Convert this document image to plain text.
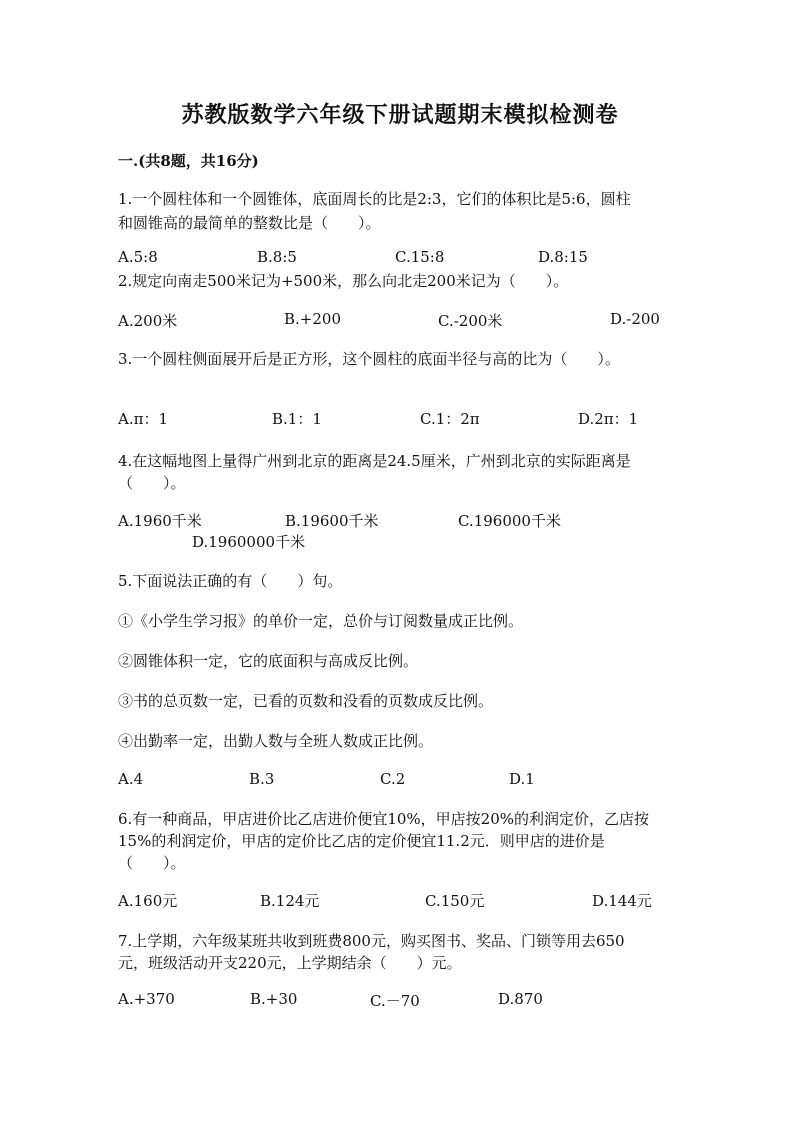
苏教版数学六年级下册试题期末模拟检测卷
一.(共8题，共16分)
1.一个圆柱体和一个圆锥体，底面周长的比是2:3，它们的体积比是5:6，圆柱
和圆锥高的最简单的整数比是（　　）。
A.5:8	B.8:5	C.15:8	D.8:15
2.规定向南走500米记为+500米，那么向北走200米记为（　　）。
A.200米	B.+200	C.-200米	D.-200
3.一个圆柱侧面展开后是正方形，这个圆柱的底面半径与高的比为（　　）。
A.π：1	B.1：1	C.1：2π	D.2π：1
4.在这幅地图上量得广州到北京的距离是24.5厘米，广州到北京的实际距离是
（　　）。
A.1960千米	B.19600千米	C.196000千米
D.1960000千米
5.下面说法正确的有（　　）句。
①《小学生学习报》的单价一定，总价与订阅数量成正比例。
②圆锥体积一定，它的底面积与高成反比例。
③书的总页数一定，已看的页数和没看的页数成反比例。
④出勤率一定，出勤人数与全班人数成正比例。
A.4	B.3	C.2	D.1
6.有一种商品，甲店进价比乙店进价便宜10%，甲店按20%的利润定价，乙店按
15%的利润定价，甲店的定价比乙店的定价便宜11.2元．则甲店的进价是
（　　）。
A.160元	B.124元	C.150元	D.144元
7.上学期，六年级某班共收到班费800元，购买图书、奖品、门锁等用去650
元，班级活动开支220元，上学期结余（　　）元。
A.+370	B.+30	C.－70	D.870
